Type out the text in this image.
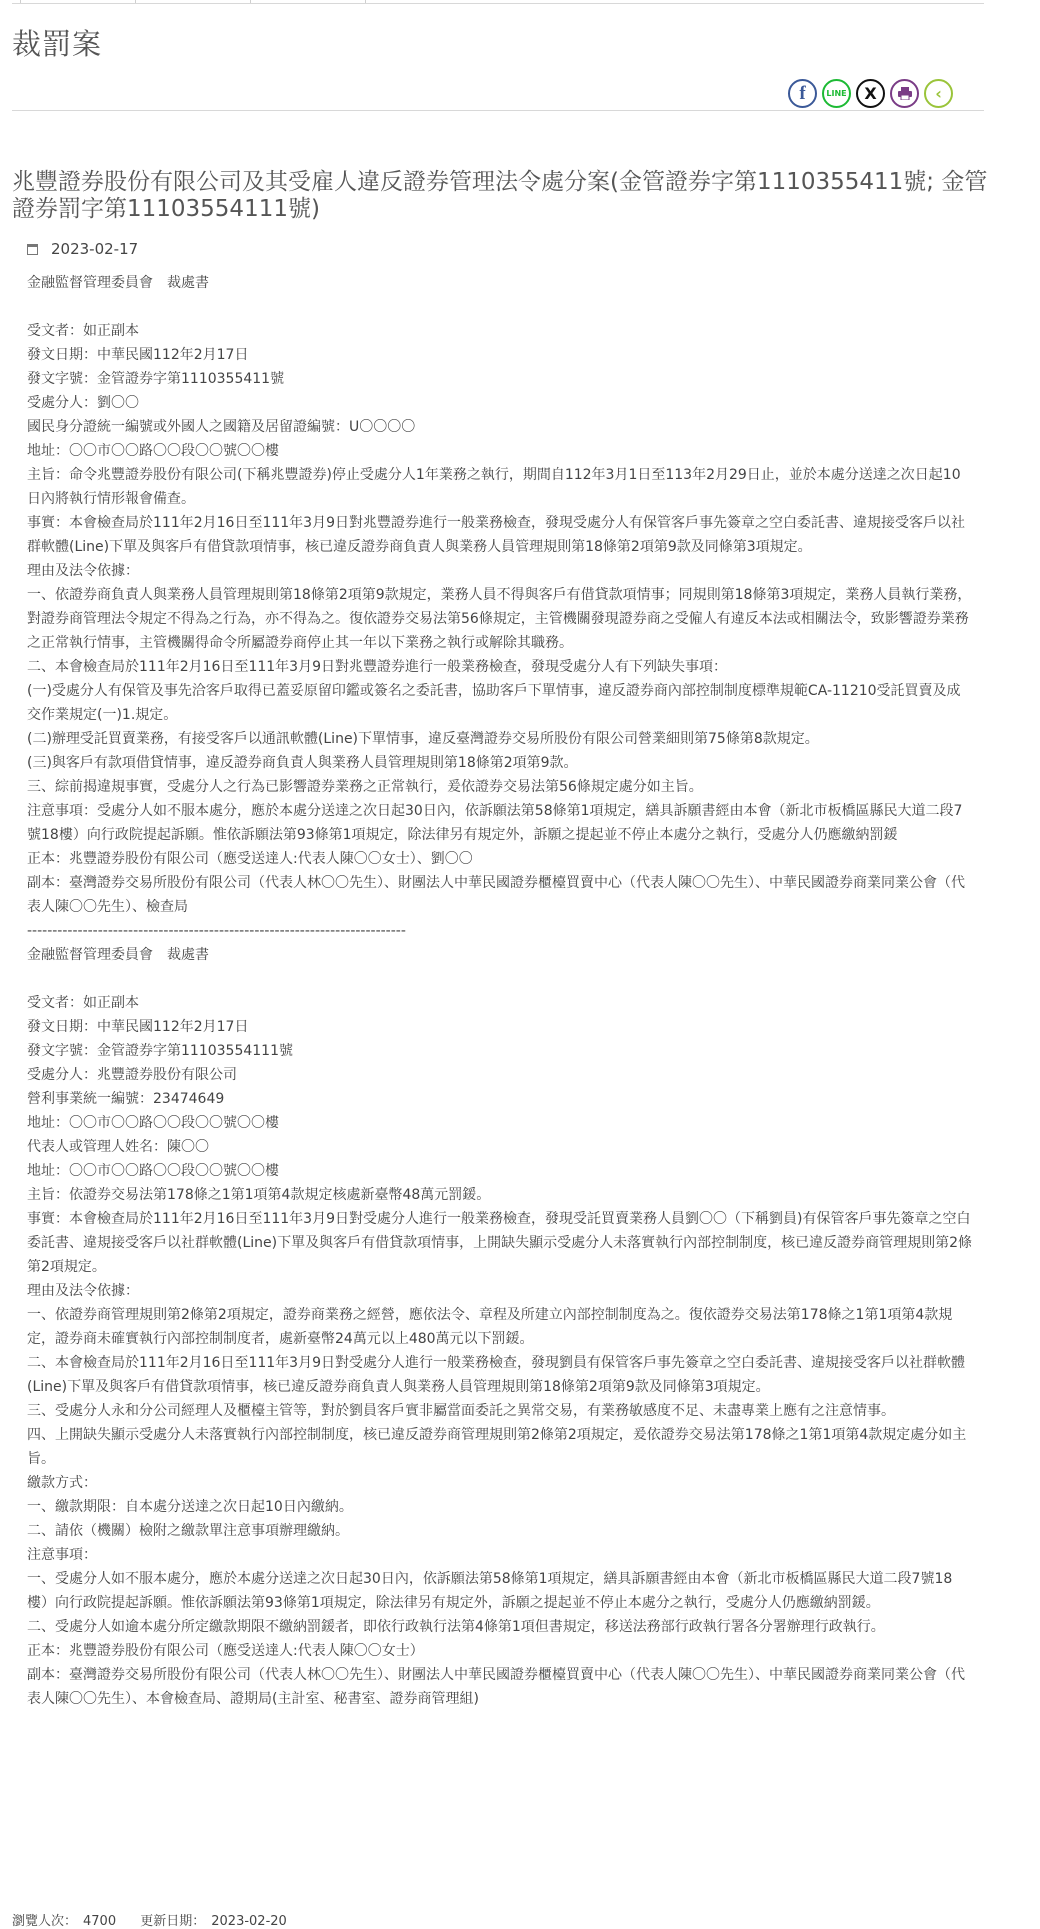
裁罰案
f	LINE	X	‹
兆豐證券股份有限公司及其受雇人違反證券管理法令處分案(金管證券字第1110355411號; 金管證券罰字第11103554111號)
2023-02-17
金融監督管理委員會　裁處書
受文者：如正副本
發文日期：中華民國112年2月17日
發文字號：金管證券字第1110355411號
受處分人：劉〇〇
國民身分證統一編號或外國人之國籍及居留證編號：U〇〇〇〇
地址：〇〇市〇〇路〇〇段〇〇號〇〇樓
主旨：命令兆豐證券股份有限公司(下稱兆豐證券)停止受處分人1年業務之執行，期間自112年3月1日至113年2月29日止，並於本處分送達之次日起10日內將執行情形報會備查。
事實：本會檢查局於111年2月16日至111年3月9日對兆豐證券進行一般業務檢查，發現受處分人有保管客戶事先簽章之空白委託書、違規接受客戶以社群軟體(Line)下單及與客戶有借貸款項情事，核已違反證券商負責人與業務人員管理規則第18條第2項第9款及同條第3項規定。
理由及法令依據：
一、依證券商負責人與業務人員管理規則第18條第2項第9款規定，業務人員不得與客戶有借貸款項情事；同規則第18條第3項規定，業務人員執行業務，對證券商管理法令規定不得為之行為，亦不得為之。復依證券交易法第56條規定，主管機關發現證券商之受僱人有違反本法或相關法令，致影響證券業務之正常執行情事，主管機關得命令所屬證券商停止其一年以下業務之執行或解除其職務。
二、本會檢查局於111年2月16日至111年3月9日對兆豐證券進行一般業務檢查，發現受處分人有下列缺失事項：
(一)受處分人有保管及事先洽客戶取得已蓋妥原留印鑑或簽名之委託書，協助客戶下單情事，違反證券商內部控制制度標準規範CA-11210受託買賣及成交作業規定(一)1.規定。
(二)辦理受託買賣業務，有接受客戶以通訊軟體(Line)下單情事，違反臺灣證券交易所股份有限公司營業細則第75條第8款規定。
(三)與客戶有款項借貸情事，違反證券商負責人與業務人員管理規則第18條第2項第9款。
三、綜前揭違規事實，受處分人之行為已影響證券業務之正常執行，爰依證券交易法第56條規定處分如主旨。
注意事項：受處分人如不服本處分，應於本處分送達之次日起30日內，依訴願法第58條第1項規定，繕具訴願書經由本會（新北市板橋區縣民大道二段7號18樓）向行政院提起訴願。惟依訴願法第93條第1項規定，除法律另有規定外，訴願之提起並不停止本處分之執行，受處分人仍應繳納罰鍰
正本：兆豐證券股份有限公司（應受送達人:代表人陳〇〇女士）、劉〇〇
副本：臺灣證券交易所股份有限公司（代表人林〇〇先生）、財團法人中華民國證券櫃檯買賣中心（代表人陳〇〇先生）、中華民國證券商業同業公會（代表人陳〇〇先生）、檢查局
---------------------------------------------------------------------------
金融監督管理委員會　裁處書
受文者：如正副本
發文日期：中華民國112年2月17日
發文字號：金管證券字第11103554111號
受處分人：兆豐證券股份有限公司
營利事業統一編號：23474649
地址：〇〇市〇〇路〇〇段〇〇號〇〇樓
代表人或管理人姓名：陳〇〇
地址：〇〇市〇〇路〇〇段〇〇號〇〇樓
主旨：依證券交易法第178條之1第1項第4款規定核處新臺幣48萬元罰鍰。
事實：本會檢查局於111年2月16日至111年3月9日對受處分人進行一般業務檢查，發現受託買賣業務人員劉〇〇（下稱劉員)有保管客戶事先簽章之空白委託書、違規接受客戶以社群軟體(Line)下單及與客戶有借貸款項情事，上開缺失顯示受處分人未落實執行內部控制制度，核已違反證券商管理規則第2條第2項規定。
理由及法令依據：
一、依證券商管理規則第2條第2項規定，證券商業務之經營，應依法令、章程及所建立內部控制制度為之。復依證券交易法第178條之1第1項第4款規定，證券商未確實執行內部控制制度者，處新臺幣24萬元以上480萬元以下罰鍰。
二、本會檢查局於111年2月16日至111年3月9日對受處分人進行一般業務檢查，發現劉員有保管客戶事先簽章之空白委託書、違規接受客戶以社群軟體(Line)下單及與客戶有借貸款項情事，核已違反證券商負責人與業務人員管理規則第18條第2項第9款及同條第3項規定。
三、受處分人永和分公司經理人及櫃檯主管等，對於劉員客戶實非屬當面委託之異常交易，有業務敏感度不足、未盡專業上應有之注意情事。
四、上開缺失顯示受處分人未落實執行內部控制制度，核已違反證券商管理規則第2條第2項規定，爰依證券交易法第178條之1第1項第4款規定處分如主旨。
繳款方式：
一、繳款期限：自本處分送達之次日起10日內繳納。
二、請依（機關）檢附之繳款單注意事項辦理繳納。
注意事項：
一、受處分人如不服本處分，應於本處分送達之次日起30日內，依訴願法第58條第1項規定，繕具訴願書經由本會（新北市板橋區縣民大道二段7號18樓）向行政院提起訴願。惟依訴願法第93條第1項規定，除法律另有規定外，訴願之提起並不停止本處分之執行，受處分人仍應繳納罰鍰。
二、受處分人如逾本處分所定繳款期限不繳納罰鍰者，即依行政執行法第4條第1項但書規定，移送法務部行政執行署各分署辦理行政執行。
正本：兆豐證券股份有限公司（應受送達人:代表人陳〇〇女士）
副本：臺灣證券交易所股份有限公司（代表人林〇〇先生）、財團法人中華民國證券櫃檯買賣中心（代表人陳〇〇先生）、中華民國證券商業同業公會（代表人陳〇〇先生）、本會檢查局、證期局(主計室、秘書室、證券商管理組)
瀏覽人次： 4700 更新日期： 2023-02-20
